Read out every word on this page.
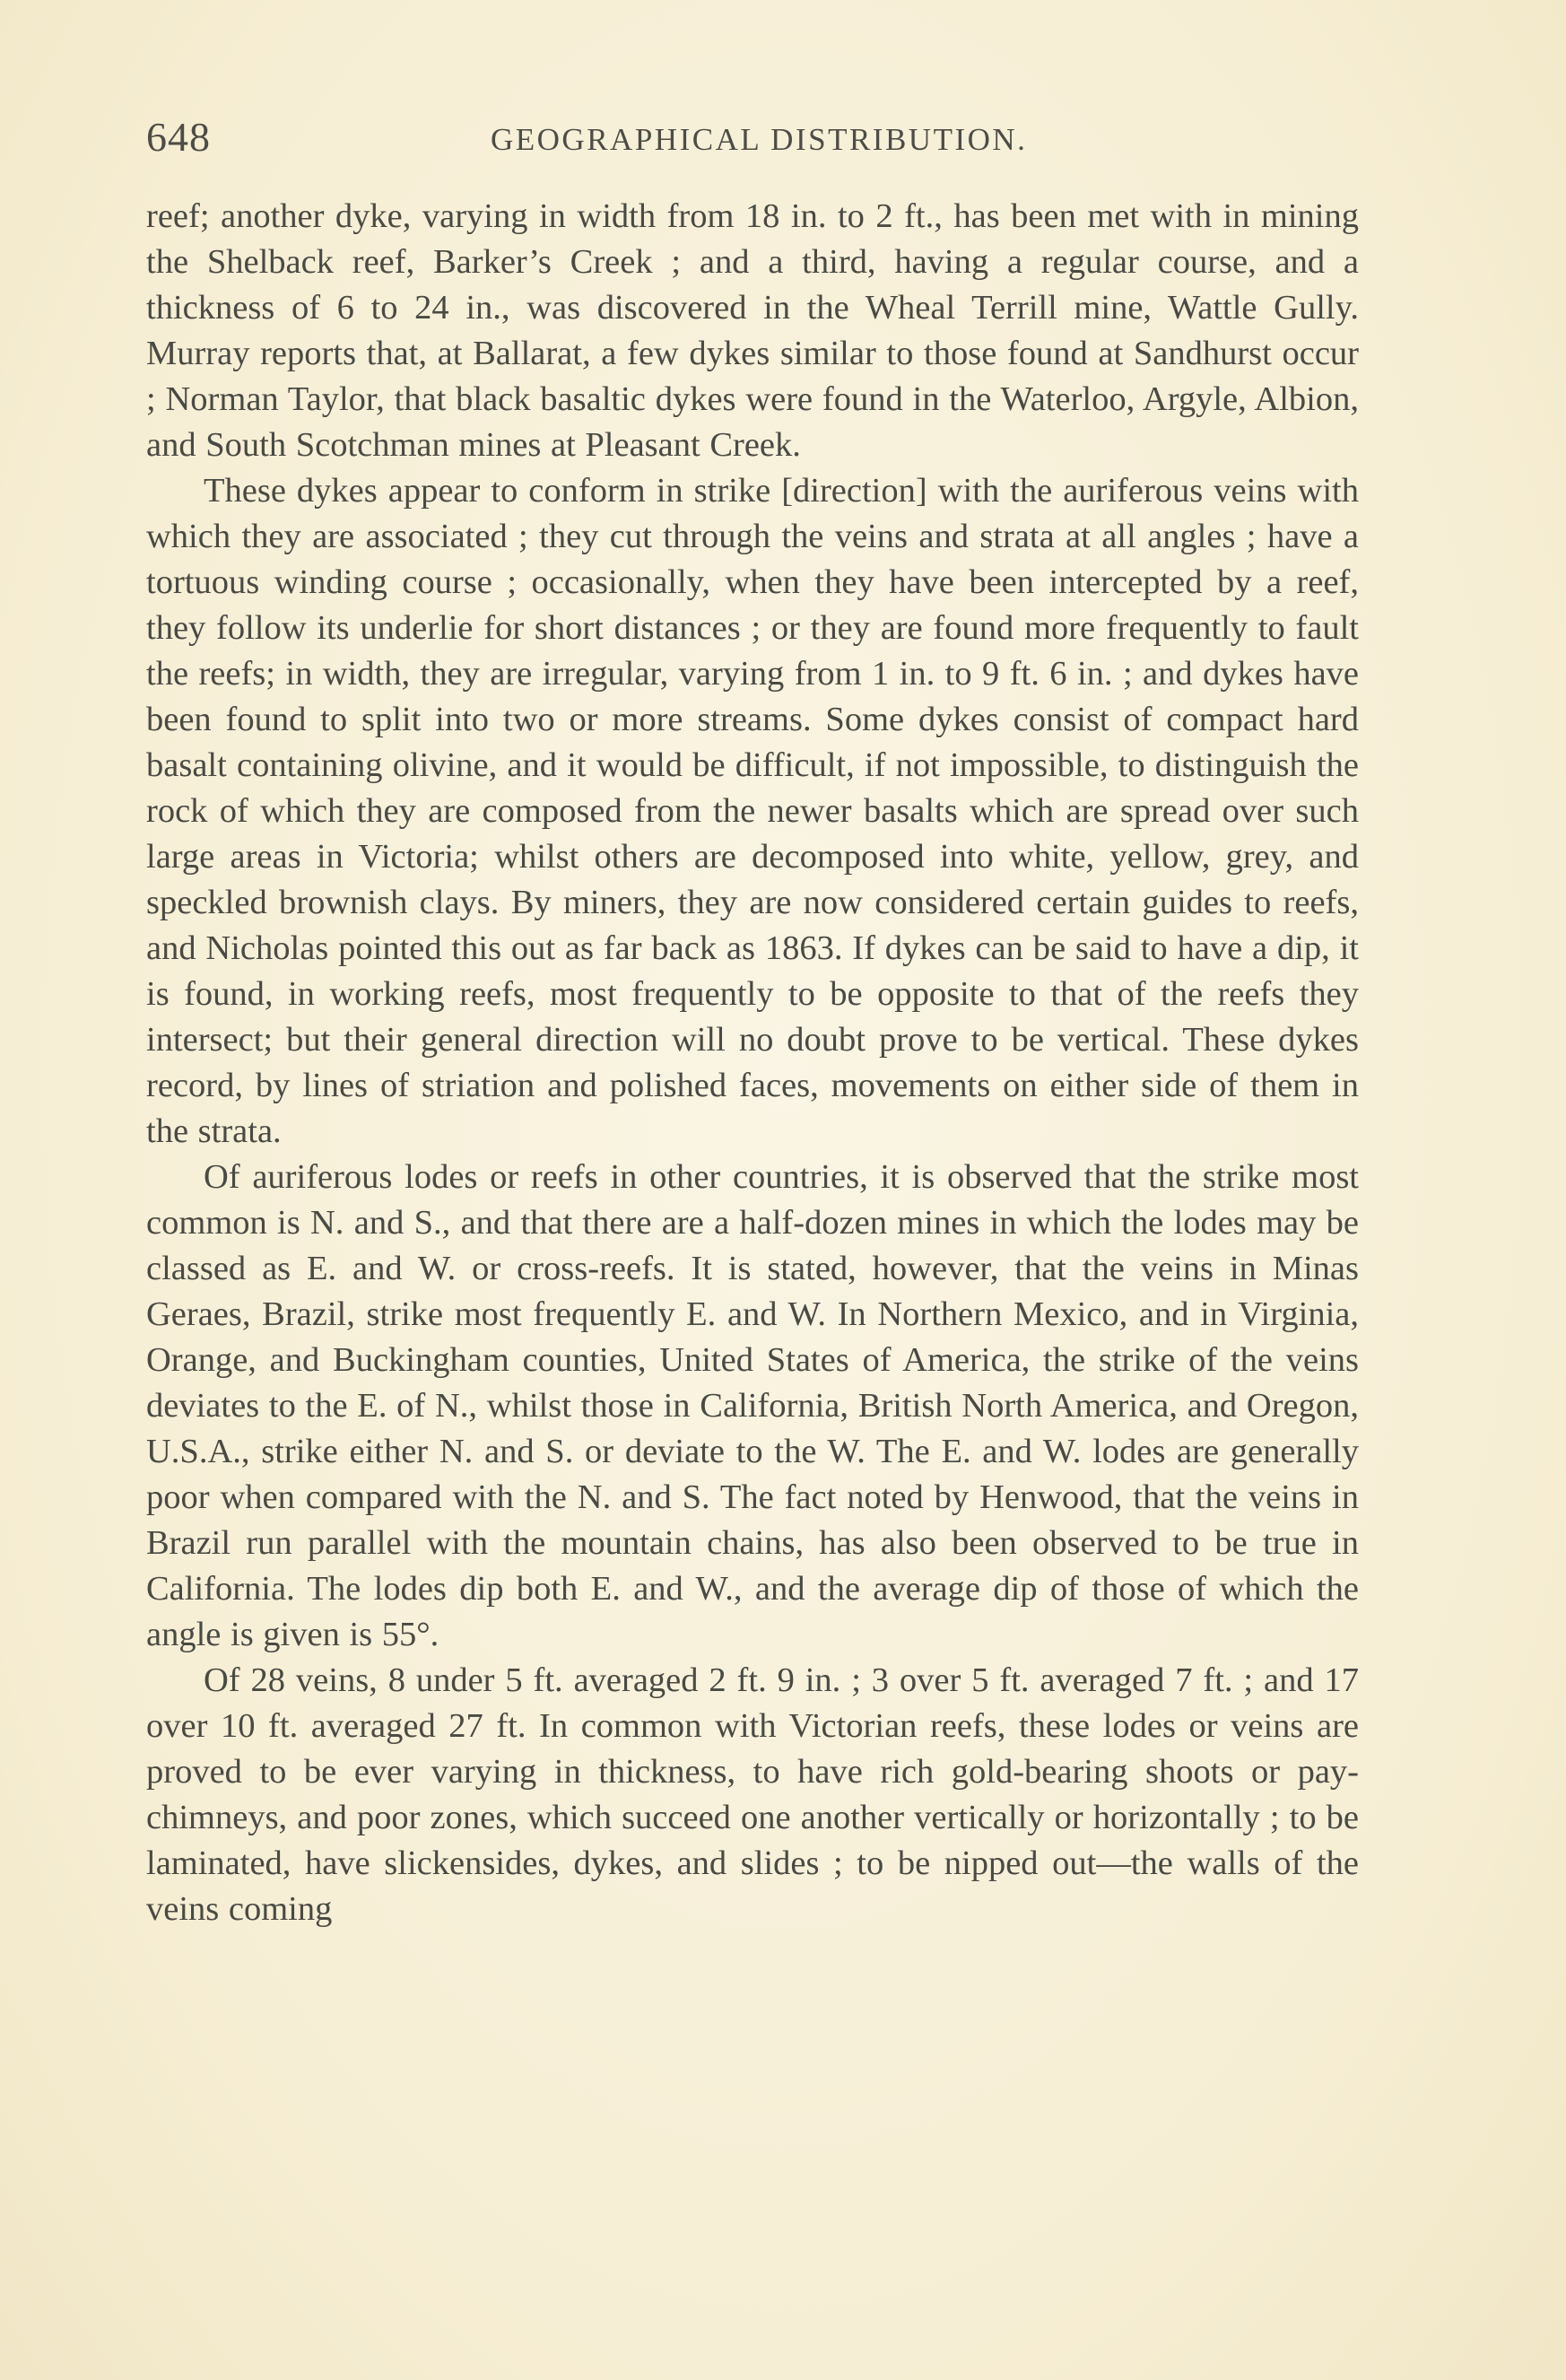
648	GEOGRAPHICAL DISTRIBUTION.

reef; another dyke, varying in width from 18 in. to 2 ft., has been met with in mining the Shelback reef, Barker’s Creek ; and a third, having a regular course, and a thickness of 6 to 24 in., was discovered in the Wheal Terrill mine, Wattle Gully. Murray reports that, at Ballarat, a few dykes similar to those found at Sandhurst occur ; Norman Taylor, that black basaltic dykes were found in the Waterloo, Argyle, Albion, and South Scotchman mines at Pleasant Creek.

These dykes appear to conform in strike [direction] with the auriferous veins with which they are associated ; they cut through the veins and strata at all angles ; have a tortuous winding course ; occasionally, when they have been intercepted by a reef, they follow its underlie for short distances ; or they are found more frequently to fault the reefs; in width, they are irregular, varying from 1 in. to 9 ft. 6 in. ; and dykes have been found to split into two or more streams. Some dykes consist of compact hard basalt containing olivine, and it would be difficult, if not impossible, to distinguish the rock of which they are composed from the newer basalts which are spread over such large areas in Victoria; whilst others are decomposed into white, yellow, grey, and speckled brownish clays. By miners, they are now considered certain guides to reefs, and Nicholas pointed this out as far back as 1863. If dykes can be said to have a dip, it is found, in working reefs, most frequently to be opposite to that of the reefs they intersect; but their general direction will no doubt prove to be vertical. These dykes record, by lines of striation and polished faces, movements on either side of them in the strata.

Of auriferous lodes or reefs in other countries, it is observed that the strike most common is N. and S., and that there are a half-dozen mines in which the lodes may be classed as E. and W. or cross-reefs. It is stated, however, that the veins in Minas Geraes, Brazil, strike most frequently E. and W. In Northern Mexico, and in Virginia, Orange, and Buckingham counties, United States of America, the strike of the veins deviates to the E. of N., whilst those in California, British North America, and Oregon, U.S.A., strike either N. and S. or deviate to the W. The E. and W. lodes are generally poor when compared with the N. and S. The fact noted by Henwood, that the veins in Brazil run parallel with the mountain chains, has also been observed to be true in California. The lodes dip both E. and W., and the average dip of those of which the angle is given is 55°.

Of 28 veins, 8 under 5 ft. averaged 2 ft. 9 in. ; 3 over 5 ft. averaged 7 ft. ; and 17 over 10 ft. averaged 27 ft. In common with Victorian reefs, these lodes or veins are proved to be ever varying in thickness, to have rich gold-bearing shoots or pay-chimneys, and poor zones, which succeed one another vertically or horizontally ; to be laminated, have slickensides, dykes, and slides ; to be nipped out—the walls of the veins coming
